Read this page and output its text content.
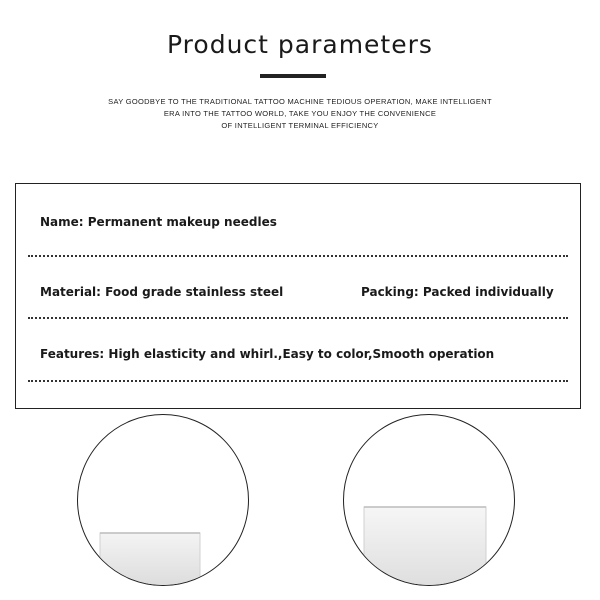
Product parameters
SAY GOODBYE TO THE TRADITIONAL TATTOO MACHINE TEDIOUS OPERATION, MAKE INTELLIGENT
ERA INTO THE TATTOO WORLD, TAKE YOU ENJOY THE CONVENIENCE
OF INTELLIGENT TERMINAL EFFICIENCY
Name: Permanent makeup needles
Material: Food grade stainless steel	Packing: Packed individually
Features: High elasticity and whirl.,Easy to color,Smooth operation
